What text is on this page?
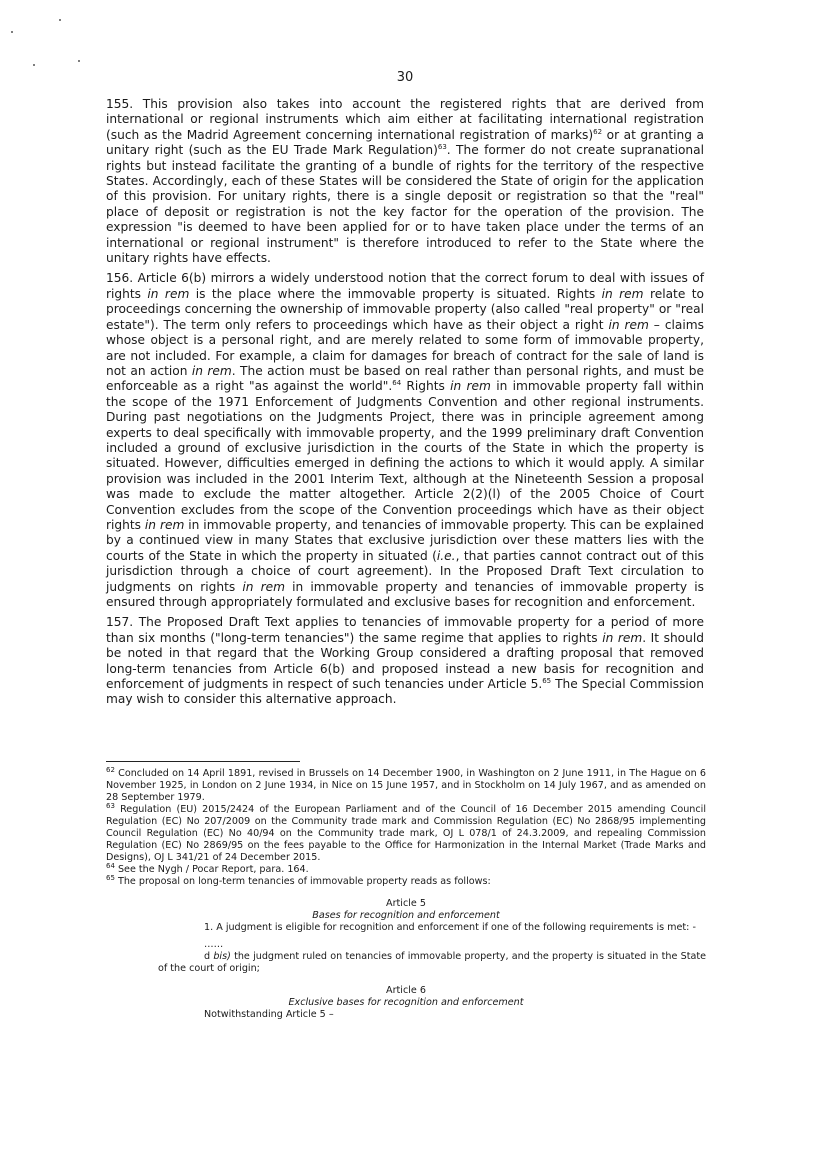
30

155. This provision also takes into account the registered rights that are derived from international or regional instruments which aim either at facilitating international registration (such as the Madrid Agreement concerning international registration of marks)$^{62}$ or at granting a unitary right (such as the EU Trade Mark Regulation)$^{63}$. The former do not create supranational rights but instead facilitate the granting of a bundle of rights for the territory of the respective States. Accordingly, each of these States will be considered the State of origin for the application of this provision. For unitary rights, there is a single deposit or registration so that the "real" place of deposit or registration is not the key factor for the operation of the provision. The expression "is deemed to have been applied for or to have taken place under the terms of an international or regional instrument" is therefore introduced to refer to the State where the unitary rights have effects.

156. Article 6(b) mirrors a widely understood notion that the correct forum to deal with issues of rights in rem is the place where the immovable property is situated. Rights in rem relate to proceedings concerning the ownership of immovable property (also called "real property" or "real estate"). The term only refers to proceedings which have as their object a right in rem – claims whose object is a personal right, and are merely related to some form of immovable property, are not included. For example, a claim for damages for breach of contract for the sale of land is not an action in rem. The action must be based on real rather than personal rights, and must be enforceable as a right "as against the world".$^{64}$ Rights in rem in immovable property fall within the scope of the 1971 Enforcement of Judgments Convention and other regional instruments. During past negotiations on the Judgments Project, there was in principle agreement among experts to deal specifically with immovable property, and the 1999 preliminary draft Convention included a ground of exclusive jurisdiction in the courts of the State in which the property is situated. However, difficulties emerged in defining the actions to which it would apply. A similar provision was included in the 2001 Interim Text, although at the Nineteenth Session a proposal was made to exclude the matter altogether. Article 2(2)(l) of the 2005 Choice of Court Convention excludes from the scope of the Convention proceedings which have as their object rights in rem in immovable property, and tenancies of immovable property. This can be explained by a continued view in many States that exclusive jurisdiction over these matters lies with the courts of the State in which the property in situated (i.e., that parties cannot contract out of this jurisdiction through a choice of court agreement). In the Proposed Draft Text circulation to judgments on rights in rem in immovable property and tenancies of immovable property is ensured through appropriately formulated and exclusive bases for recognition and enforcement.

157. The Proposed Draft Text applies to tenancies of immovable property for a period of more than six months ("long-term tenancies") the same regime that applies to rights in rem. It should be noted in that regard that the Working Group considered a drafting proposal that removed long-term tenancies from Article 6(b) and proposed instead a new basis for recognition and enforcement of judgments in respect of such tenancies under Article 5.65 The Special Commission may wish to consider this alternative approach.

$^{62}$ Concluded on 14 April 1891, revised in Brussels on 14 December 1900, in Washington on 2 June 1911, in The Hague on 6 November 1925, in London on 2 June 1934, in Nice on 15 June 1957, and in Stockholm on 14 July 1967, and as amended on 28 September 1979.

$^{63}$ Regulation (EU) 2015/2424 of the European Parliament and of the Council of 16 December 2015 amending Council Regulation (EC) No 207/2009 on the Community trade mark and Commission Regulation (EC) No 2868/95 implementing Council Regulation (EC) No 40/94 on the Community trade mark, OJ L 078/1 of 24.3.2009, and repealing Commission Regulation (EC) No 2869/95 on the fees payable to the Office for Harmonization in the Internal Market (Trade Marks and Designs), OJ L 341/21 of 24 December 2015.

$^{64}$ See the Nygh / Pocar Report, para. 164.

$^{65}$ The proposal on long-term tenancies of immovable property reads as follows:

Article 5

Bases for recognition and enforcement

1. A judgment is eligible for recognition and enforcement if one of the following requirements is met: -

……

d bis) the judgment ruled on tenancies of immovable property, and the property is situated in the State of the court of origin;

Article 6

Exclusive bases for recognition and enforcement

Notwithstanding Article 5 –
